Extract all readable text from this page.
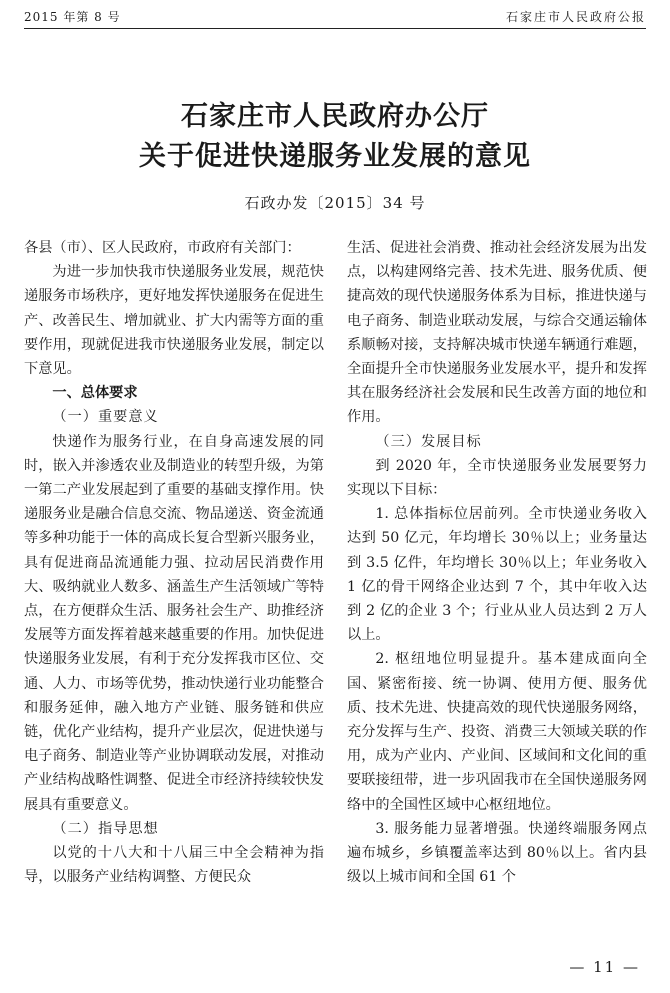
2015 年第 8 号	石家庄市人民政府公报
石家庄市人民政府办公厅
关于促进快递服务业发展的意见
石政办发〔2015〕34 号

各县（市）、区人民政府，市政府有关部门：

为进一步加快我市快递服务业发展，规范快递服务市场秩序，更好地发挥快递服务在促进生产、改善民生、增加就业、扩大内需等方面的重要作用，现就促进我市快递服务业发展，制定以下意见。

一、总体要求

（一）重要意义

快递作为服务行业，在自身高速发展的同时，嵌入并渗透农业及制造业的转型升级，为第一第二产业发展起到了重要的基础支撑作用。快递服务业是融合信息交流、物品递送、资金流通等多种功能于一体的高成长复合型新兴服务业，具有促进商品流通能力强、拉动居民消费作用大、吸纳就业人数多、涵盖生产生活领域广等特点，在方便群众生活、服务社会生产、助推经济发展等方面发挥着越来越重要的作用。加快促进快递服务业发展，有利于充分发挥我市区位、交通、人力、市场等优势，推动快递行业功能整合和服务延伸，融入地方产业链、服务链和供应链，优化产业结构，提升产业层次，促进快递与电子商务、制造业等产业协调联动发展，对推动产业结构战略性调整、促进全市经济持续较快发展具有重要意义。

（二）指导思想

以党的十八大和十八届三中全会精神为指导，以服务产业结构调整、方便民众

生活、促进社会消费、推动社会经济发展为出发点，以构建网络完善、技术先进、服务优质、便捷高效的现代快递服务体系为目标，推进快递与电子商务、制造业联动发展，与综合交通运输体系顺畅对接，支持解决城市快递车辆通行难题，全面提升全市快递服务业发展水平，提升和发挥其在服务经济社会发展和民生改善方面的地位和作用。

（三）发展目标

到 2020 年，全市快递服务业发展要努力实现以下目标：

1. 总体指标位居前列。全市快递业务收入达到 50 亿元，年均增长 30％以上；业务量达到 3.5 亿件，年均增长 30％以上；年业务收入 1 亿的骨干网络企业达到 7 个，其中年收入达到 2 亿的企业 3 个；行业从业人员达到 2 万人以上。

2. 枢纽地位明显提升。基本建成面向全国、紧密衔接、统一协调、使用方便、服务优质、技术先进、快捷高效的现代快递服务网络，充分发挥与生产、投资、消费三大领域关联的作用，成为产业内、产业间、区域间和文化间的重要联接纽带，进一步巩固我市在全国快递服务网络中的全国性区域中心枢纽地位。

3. 服务能力显著增强。快递终端服务网点遍布城乡，乡镇覆盖率达到 80％以上。省内县级以上城市间和全国 61 个

— 11 —
